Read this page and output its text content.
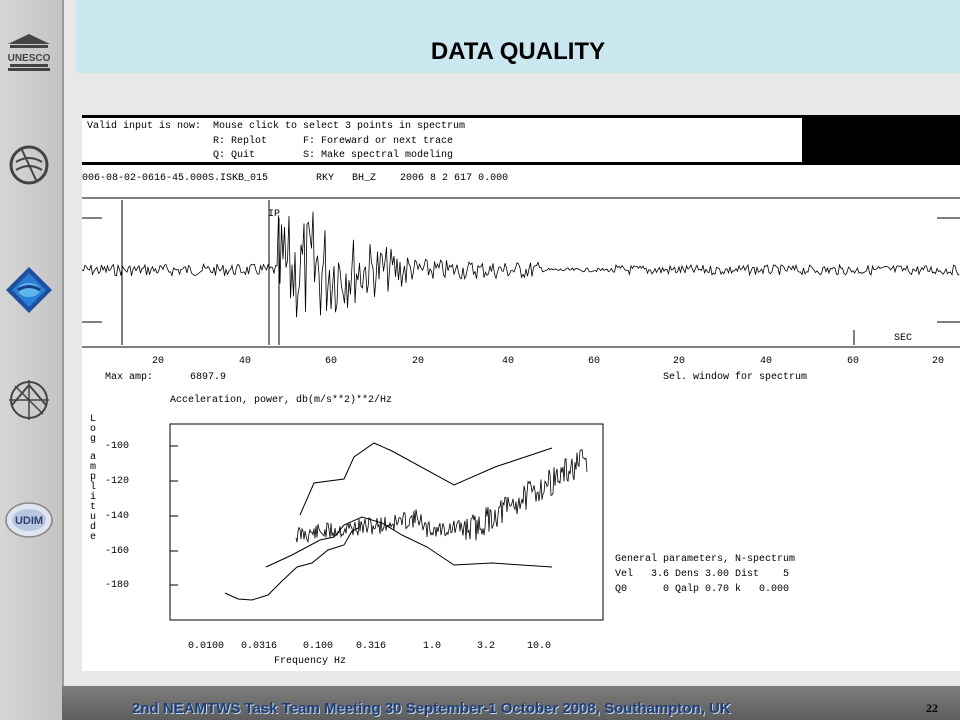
UNESCO
UDIM
DATA QUALITY
Valid input is now:  Mouse click to select 3 points in spectrum
R: Replot      F: Foreward or next trace
Q: Quit        S: Make spectral modeling
006-08-02-0616-45.000S.ISKB_015        RKY   BH_Z    2006 8 2 617 0.000
IP
SEC
20	40	60	20	40	60	20	40	60	20
Max amp:	6897.9	Sel. window for spectrum
Acceleration, power, db(m/s**2)**2/Hz
L
o
g
a
m
p
l
i
t
u
d
e
-100
-120
-140
-160
-180
0.0100 0.0316	0.100 0.316	1.0	3.2	10.0
Frequency Hz
General parameters, N-spectrum
Vel   3.6 Dens 3.00 Dist    5
Q0      0 Qalp 0.70 k   0.000
2nd NEAMTWS Task Team Meeting 30 September-1 October 2008, Southampton, UK	22
